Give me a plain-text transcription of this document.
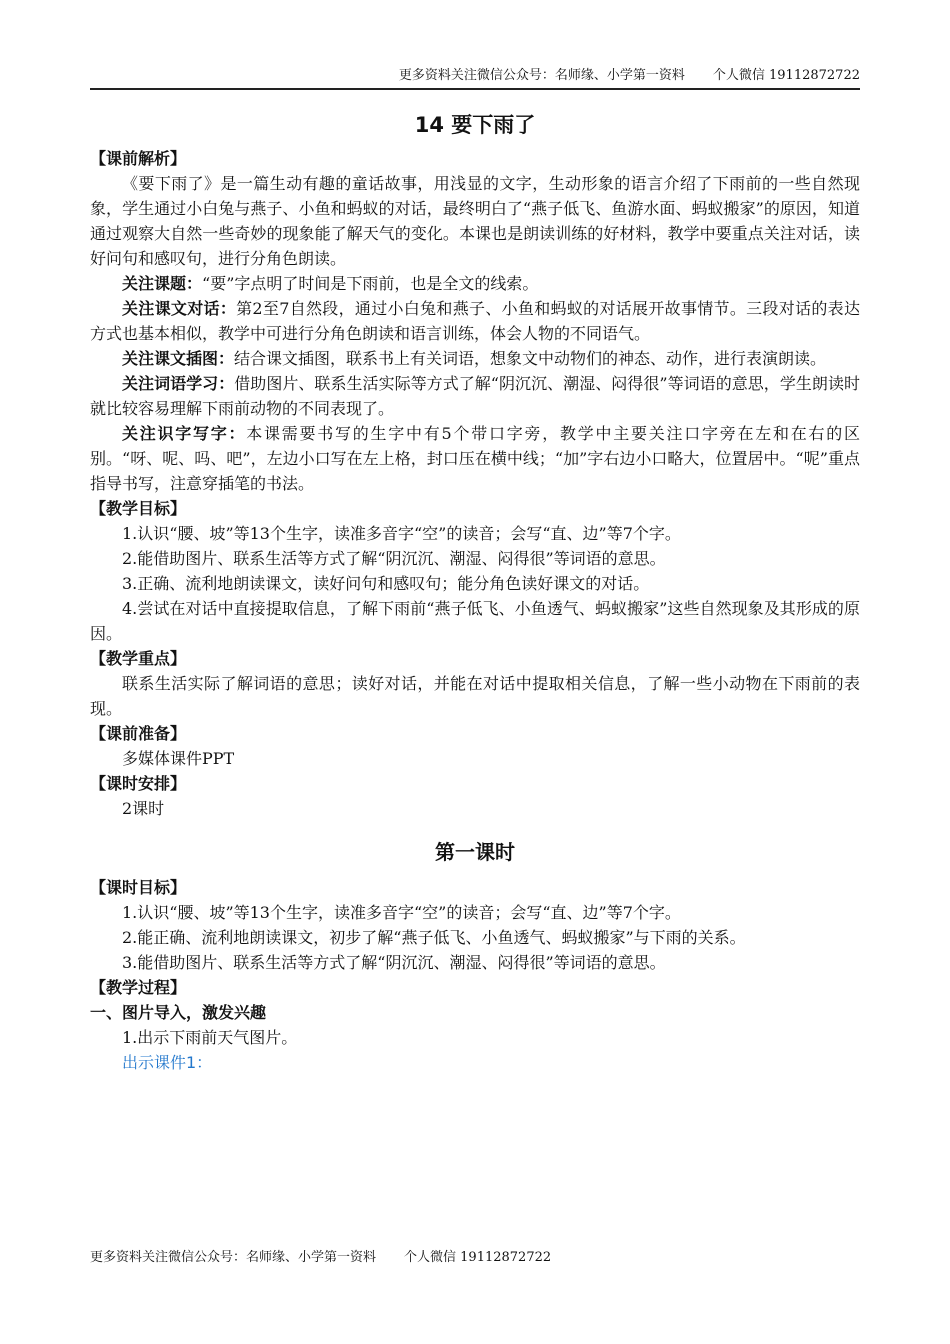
更多资料关注微信公众号：名师缘、小学第一资料 个人微信 19112872722
14 要下雨了
【课前解析】

《要下雨了》是一篇生动有趣的童话故事，用浅显的文字，生动形象的语言介绍了下雨前的一些自然现象，学生通过小白兔与燕子、小鱼和蚂蚁的对话，最终明白了“燕子低飞、鱼游水面、蚂蚁搬家”的原因，知道通过观察大自然一些奇妙的现象能了解天气的变化。本课也是朗读训练的好材料，教学中要重点关注对话，读好问句和感叹句，进行分角色朗读。

关注课题：“要”字点明了时间是下雨前，也是全文的线索。

关注课文对话：第2至7自然段，通过小白兔和燕子、小鱼和蚂蚁的对话展开故事情节。三段对话的表达方式也基本相似，教学中可进行分角色朗读和语言训练，体会人物的不同语气。

关注课文插图：结合课文插图，联系书上有关词语，想象文中动物们的神态、动作，进行表演朗读。

关注词语学习：借助图片、联系生活实际等方式了解“阴沉沉、潮湿、闷得很”等词语的意思，学生朗读时就比较容易理解下雨前动物的不同表现了。

关注识字写字：本课需要书写的生字中有5个带口字旁，教学中主要关注口字旁在左和在右的区别。“呀、呢、吗、吧”，左边小口写在左上格，封口压在横中线；“加”字右边小口略大，位置居中。“呢”重点指导书写，注意穿插笔的书法。

【教学目标】

1.认识“腰、坡”等13个生字，读准多音字“空”的读音；会写“直、边”等7个字。

2.能借助图片、联系生活等方式了解“阴沉沉、潮湿、闷得很”等词语的意思。

3.正确、流利地朗读课文，读好问句和感叹句；能分角色读好课文的对话。

4.尝试在对话中直接提取信息，了解下雨前“燕子低飞、小鱼透气、蚂蚁搬家”这些自然现象及其形成的原因。

【教学重点】

联系生活实际了解词语的意思；读好对话，并能在对话中提取相关信息，了解一些小动物在下雨前的表现。

【课前准备】

多媒体课件PPT

【课时安排】

2课时

第一课时
【课时目标】

1.认识“腰、坡”等13个生字，读准多音字“空”的读音；会写“直、边”等7个字。

2.能正确、流利地朗读课文，初步了解“燕子低飞、小鱼透气、蚂蚁搬家”与下雨的关系。

3.能借助图片、联系生活等方式了解“阴沉沉、潮湿、闷得很”等词语的意思。

【教学过程】
一、图片导入，激发兴趣

1.出示下雨前天气图片。

出示课件1：

更多资料关注微信公众号：名师缘、小学第一资料 个人微信 19112872722
